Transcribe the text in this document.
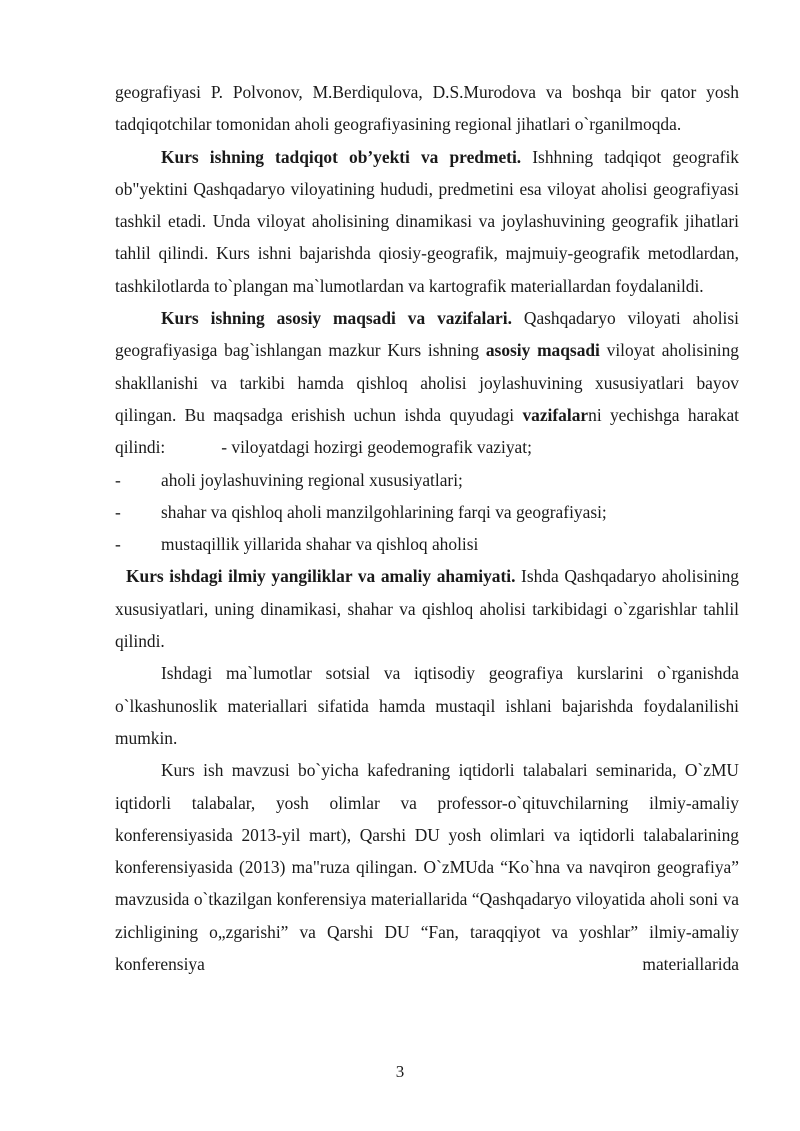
geografiyasi P. Polvonov, M.Berdiqulova, D.S.Murodova va boshqa bir qator yosh tadqiqotchilar tomonidan aholi geografiyasining regional jihatlari o`rganilmoqda.

Kurs ishning tadqiqot ob’yekti va predmeti. Ishhning tadqiqot geografik ob"yektini Qashqadaryo viloyatining hududi, predmetini esa viloyat aholisi geografiyasi tashkil etadi. Unda viloyat aholisining dinamikasi va joylashuvining geografik jihatlari tahlil qilindi. Kurs ishni bajarishda qiosiy-geografik, majmuiy-geografik metodlardan, tashkilotlarda to`plangan ma`lumotlardan va kartografik materiallardan foydalanildi.

Kurs ishning asosiy maqsadi va vazifalari. Qashqadaryo viloyati aholisi geografiyasiga bag`ishlangan mazkur Kurs ishning asosiy maqsadi viloyat aholisining shakllanishi va tarkibi hamda qishloq aholisi joylashuvining xususiyatlari bayov qilingan. Bu maqsadga erishish uchun ishda quyudagi vazifalarni yechishga harakat qilindi:	- viloyatdagi hozirgi geodemografik vaziyat;

-	aholi joylashuvining regional xususiyatlari;
-	shahar va qishloq aholi manzilgohlarining farqi va geografiyasi;
-	mustaqillik yillarida shahar va qishloq aholisi

Kurs ishdagi ilmiy yangiliklar va amaliy ahamiyati. Ishda Qashqadaryo aholisining xususiyatlari, uning dinamikasi, shahar va qishloq aholisi tarkibidagi o`zgarishlar tahlil qilindi.

Ishdagi ma`lumotlar sotsial va iqtisodiy geografiya kurslarini o`rganishda o`lkashunoslik materiallari sifatida hamda mustaqil ishlani bajarishda foydalanilishi mumkin.

Kurs ish mavzusi bo`yicha kafedraning iqtidorli talabalari seminarida, O`zMU iqtidorli talabalar, yosh olimlar va professor-o`qituvchilarning ilmiy-amaliy konferensiyasida 2013-yil mart), Qarshi DU yosh olimlari va iqtidorli talabalarining konferensiyasida (2013) ma"ruza qilingan. O`zMUda “Ko`hna va navqiron geografiya” mavzusida o`tkazilgan konferensiya materiallarida “Qashqadaryo viloyatida aholi soni va zichligining o„zgarishi” va Qarshi DU “Fan, taraqqiyot va yoshlar” ilmiy-amaliy konferensiya materiallarida

3
